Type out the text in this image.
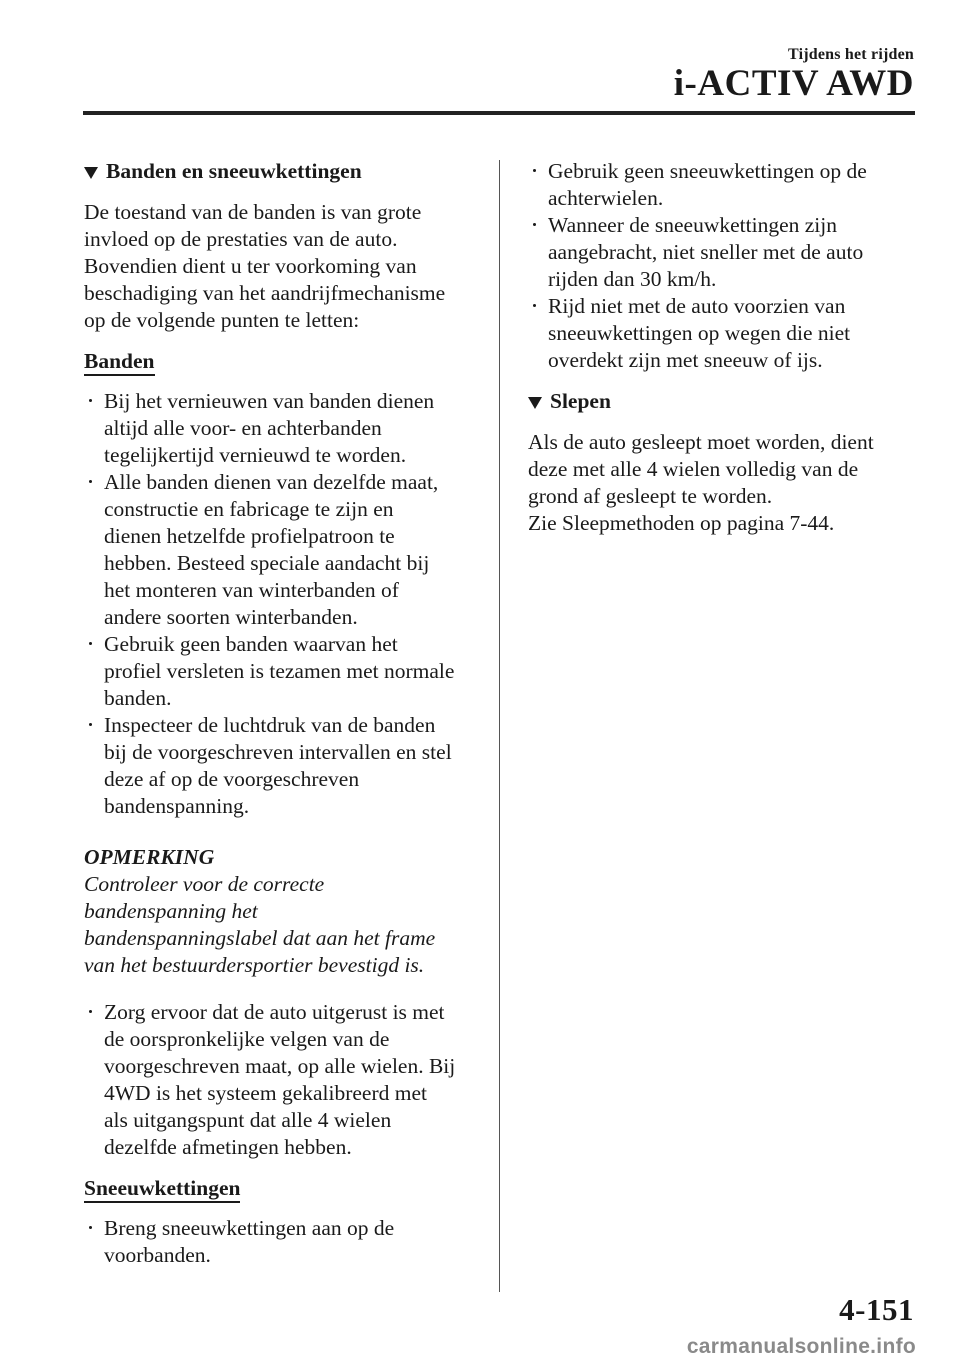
Tijdens het rijden
i-ACTIV AWD
Banden en sneeuwkettingen

De toestand van de banden is van grote

invloed op de prestaties van de auto.

Bovendien dient u ter voorkoming van

beschadiging van het aandrijfmechanisme

op de volgende punten te letten:

Banden

Bij het vernieuwen van banden dienen

altijd alle voor- en achterbanden

tegelijkertijd vernieuwd te worden.

Alle banden dienen van dezelfde maat,

constructie en fabricage te zijn en

dienen hetzelfde profielpatroon te

hebben. Besteed speciale aandacht bij

het monteren van winterbanden of

andere soorten winterbanden.

Gebruik geen banden waarvan het

profiel versleten is tezamen met normale

banden.

Inspecteer de luchtdruk van de banden

bij de voorgeschreven intervallen en stel

deze af op de voorgeschreven

bandenspanning.

OPMERKING

Controleer voor de correcte

bandenspanning het

bandenspanningslabel dat aan het frame

van het bestuurdersportier bevestigd is.

Zorg ervoor dat de auto uitgerust is met

de oorspronkelijke velgen van de

voorgeschreven maat, op alle wielen. Bij

4WD is het systeem gekalibreerd met

als uitgangspunt dat alle 4 wielen

dezelfde afmetingen hebben.

Sneeuwkettingen

Breng sneeuwkettingen aan op de

voorbanden.

Gebruik geen sneeuwkettingen op de

achterwielen.

Wanneer de sneeuwkettingen zijn

aangebracht, niet sneller met de auto

rijden dan 30 km/h.

Rijd niet met de auto voorzien van

sneeuwkettingen op wegen die niet

overdekt zijn met sneeuw of ijs.

Slepen

Als de auto gesleept moet worden, dient

deze met alle 4 wielen volledig van de

grond af gesleept te worden.

Zie Sleepmethoden op pagina 7-44.

4-151
carmanualsonline.info
